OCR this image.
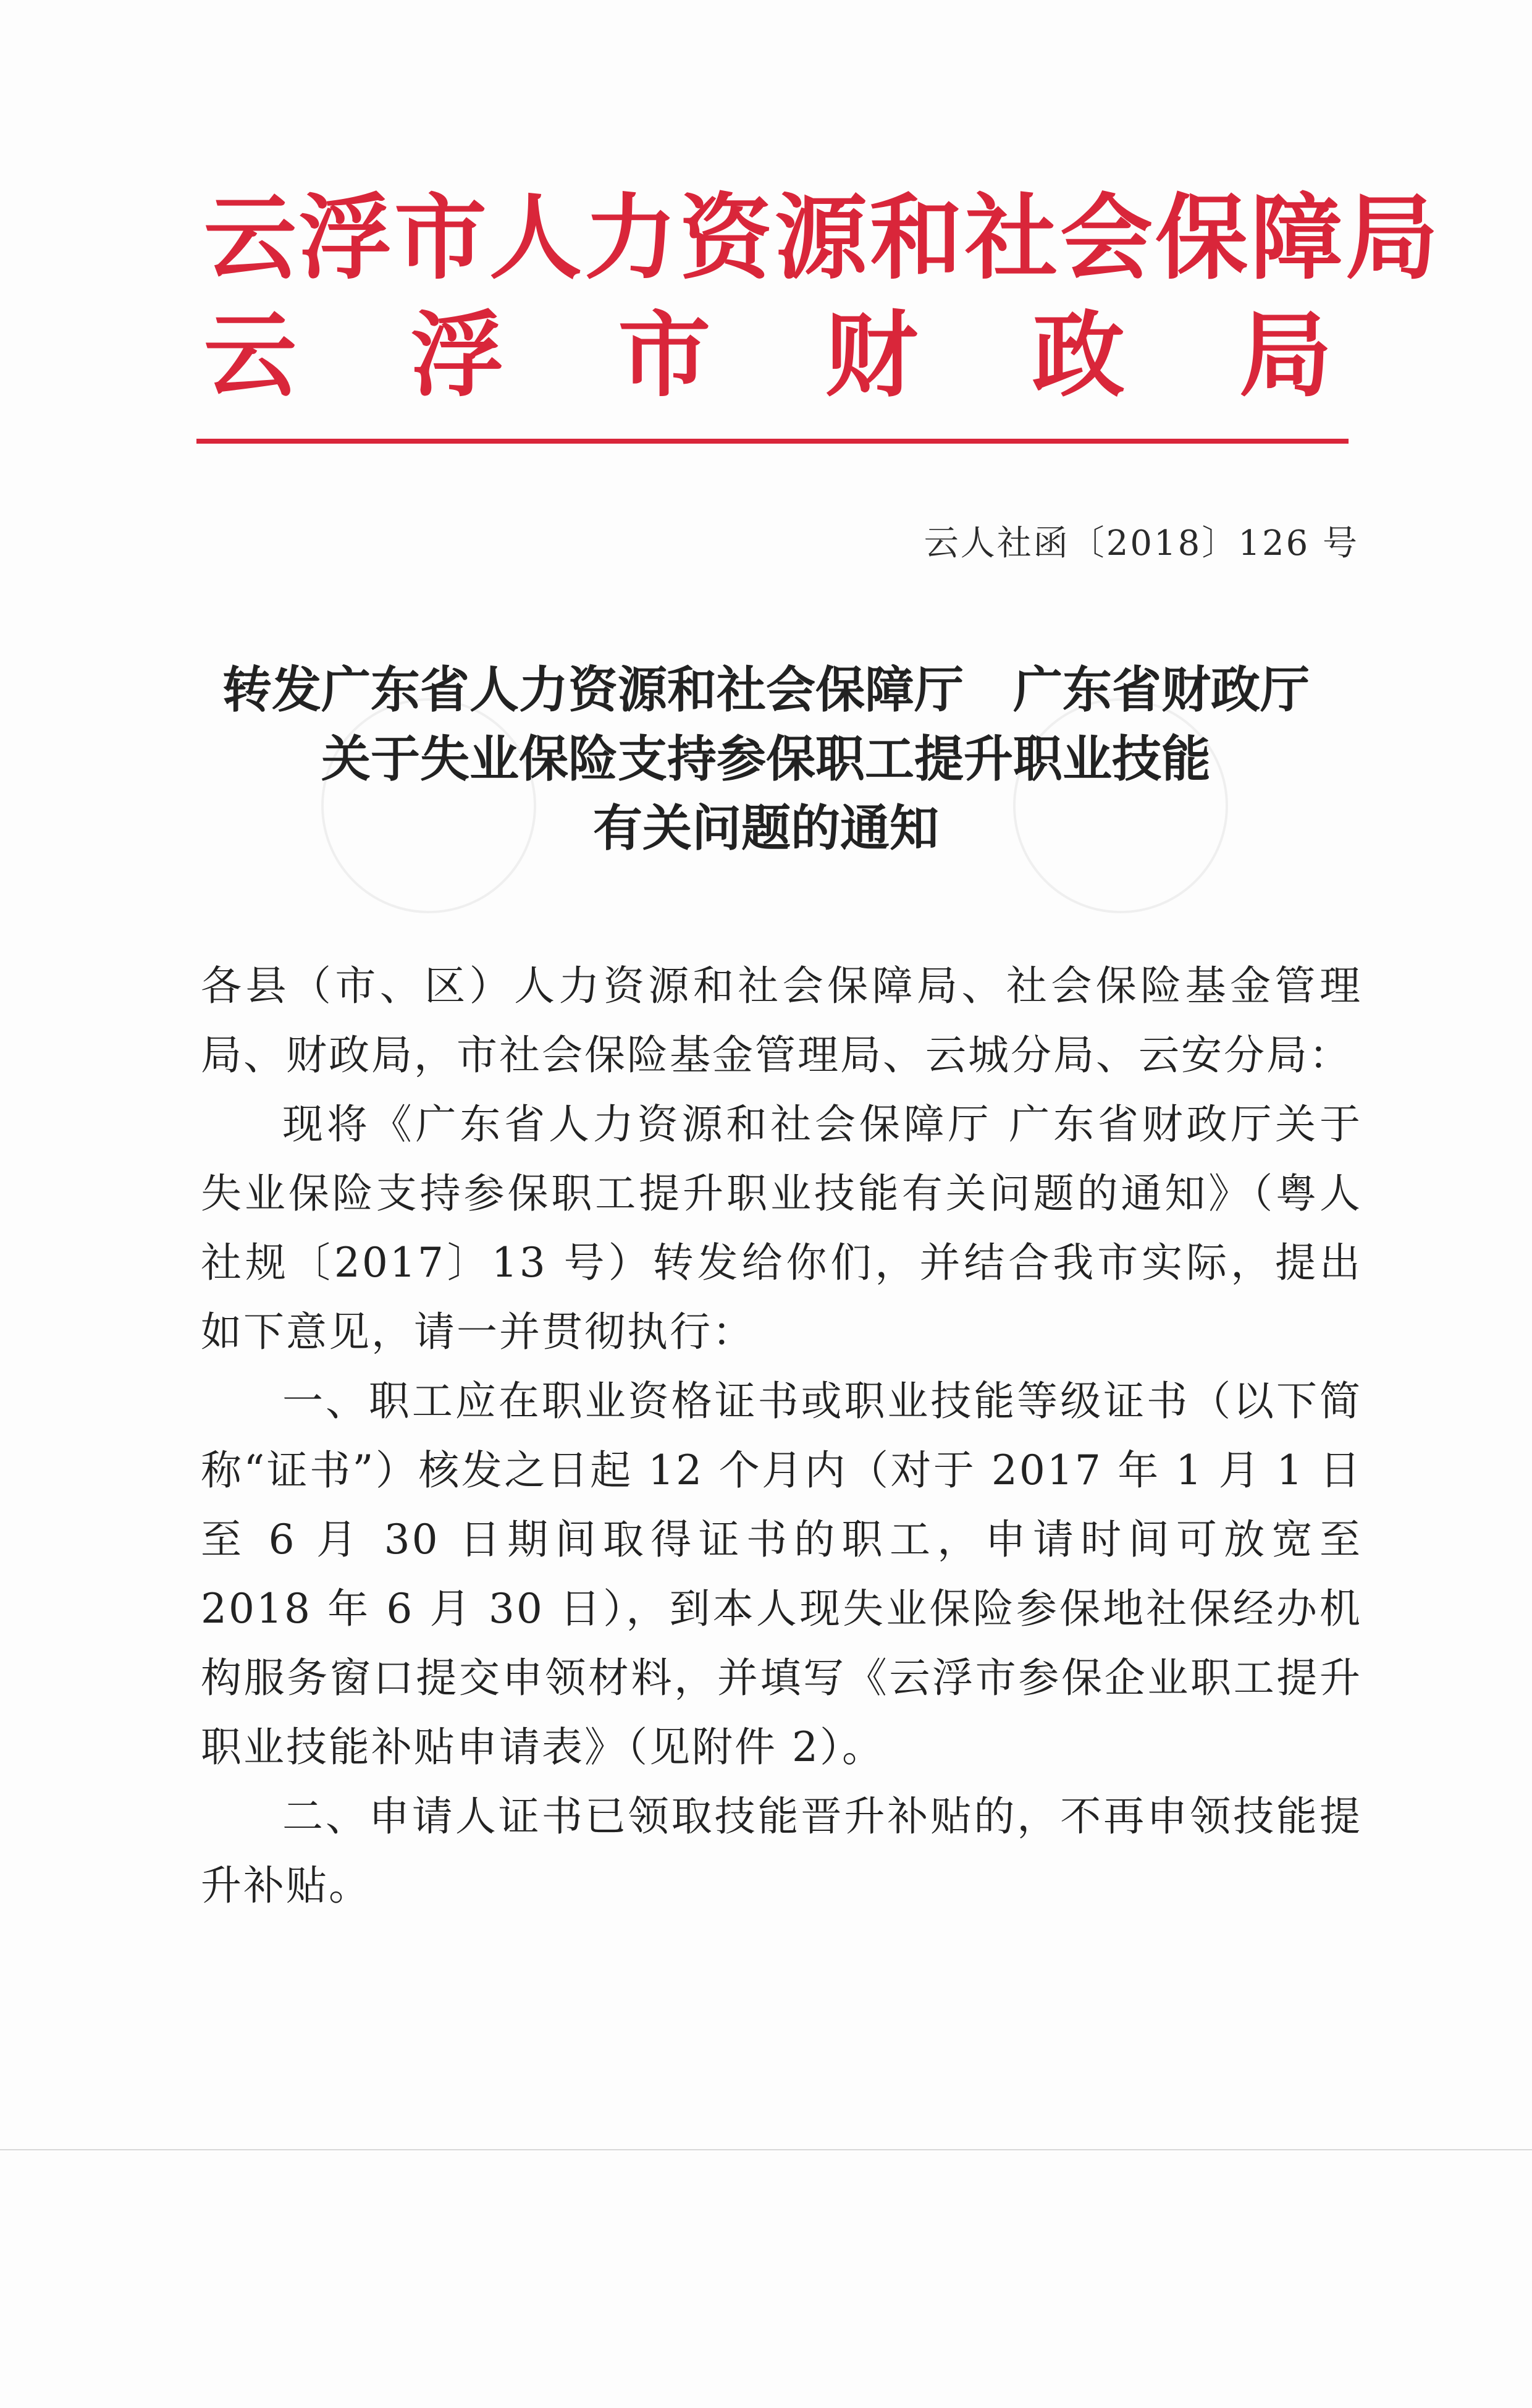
云浮市人力资源和社会保障局
云 浮 市 财 政 局
云人社函〔2018〕126 号
转发广东省人力资源和社会保障厅　广东省财政厅
关于失业保险支持参保职工提升职业技能
有关问题的通知

各县（市、区）人力资源和社会保障局、社会保险基金管理局、财政局，市社会保险基金管理局、云城分局、云安分局：

现将《广东省人力资源和社会保障厅 广东省财政厅关于失业保险支持参保职工提升职业技能有关问题的通知》（粤人社规〔2017〕13 号）转发给你们，并结合我市实际，提出如下意见，请一并贯彻执行：

一、职工应在职业资格证书或职业技能等级证书（以下简称“证书”）核发之日起 12 个月内（对于 2017 年 1 月 1 日至 6 月 30 日期间取得证书的职工，申请时间可放宽至 2018 年 6 月 30 日），到本人现失业保险参保地社保经办机构服务窗口提交申领材料，并填写《云浮市参保企业职工提升职业技能补贴申请表》（见附件 2）。

二、申请人证书已领取技能晋升补贴的，不再申领技能提升补贴。
